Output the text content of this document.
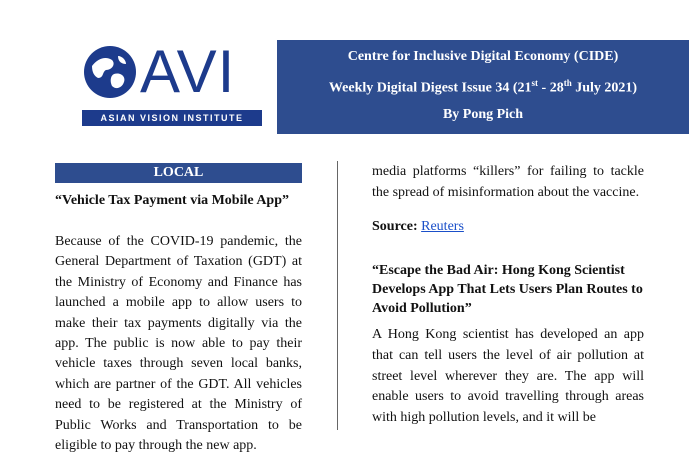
AVI
ASIAN VISION INSTITUTE
Centre for Inclusive Digital Economy (CIDE)
Weekly Digital Digest Issue 34 (21st - 28th July 2021)
By Pong Pich
LOCAL
“Vehicle Tax Payment via Mobile App”
Because of the COVID-19 pandemic, the General Department of Taxation (GDT) at the Ministry of Economy and Finance has launched a mobile app to allow users to make their tax payments digitally via the app. The public is now able to pay their vehicle taxes through seven local banks, which are partner of the GDT. All vehicles need to be registered at the Ministry of Public Works and Transportation to be eligible to pay through the new app.
media platforms “killers” for failing to tackle the spread of misinformation about the vaccine.
Source: Reuters
“Escape the Bad Air: Hong Kong Scientist Develops App That Lets Users Plan Routes to Avoid Pollution”
A Hong Kong scientist has developed an app that can tell users the level of air pollution at street level wherever they are. The app will enable users to avoid travelling through areas with high pollution levels, and it will be
